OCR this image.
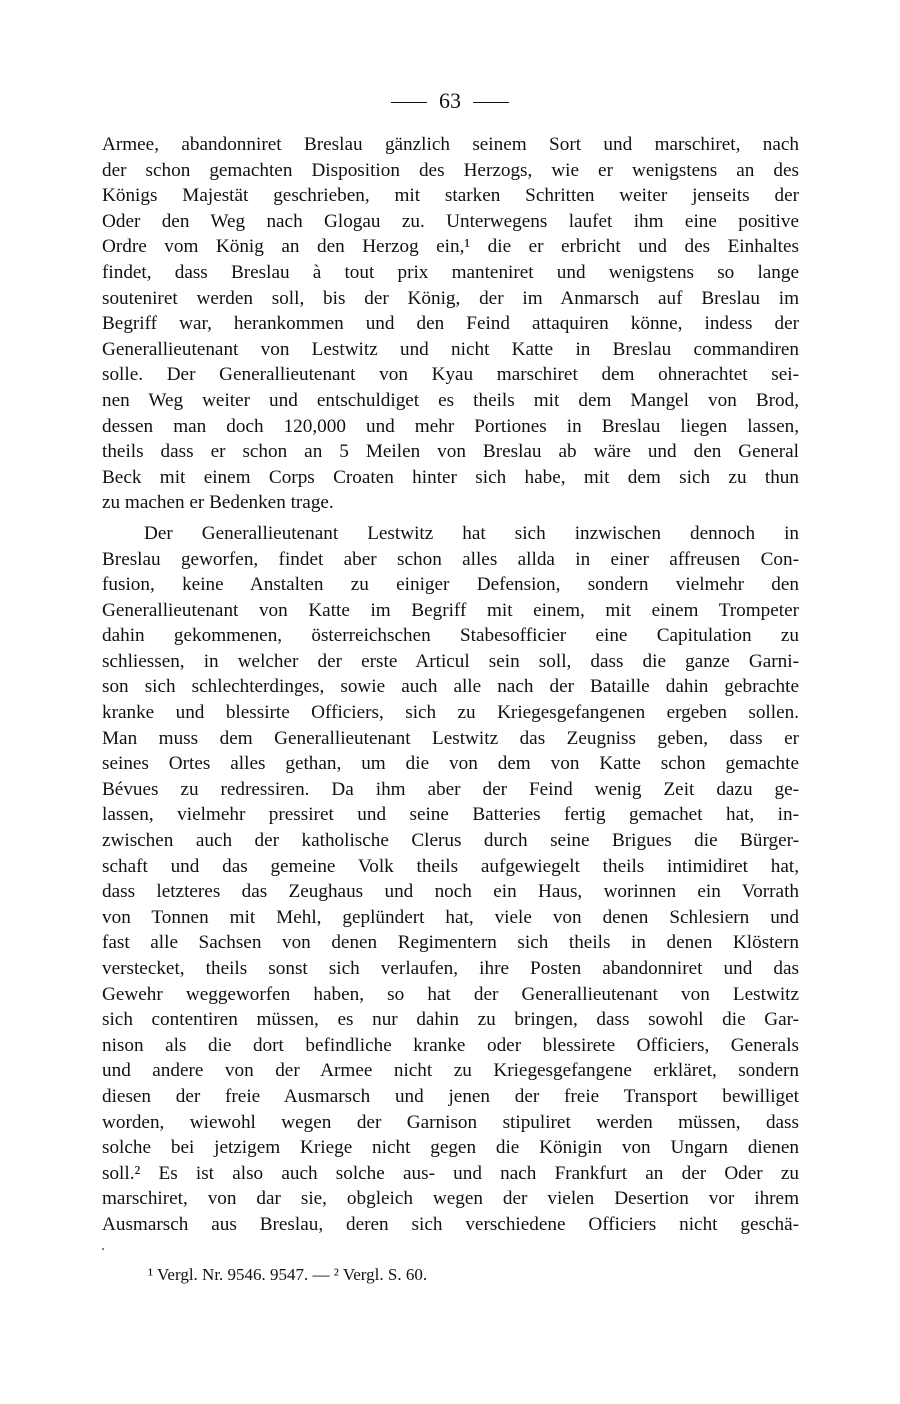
63
Armee, abandonniret Breslau gänzlich seinem Sort und marschiret, nach
der schon gemachten Disposition des Herzogs, wie er wenigstens an des
Königs Majestät geschrieben, mit starken Schritten weiter jenseits der
Oder den Weg nach Glogau zu. Unterwegens laufet ihm eine positive
Ordre vom König an den Herzog ein,¹ die er erbricht und des Einhaltes
findet, dass Breslau à tout prix manteniret und wenigstens so lange
souteniret werden soll, bis der König, der im Anmarsch auf Breslau im
Begriff war, herankommen und den Feind attaquiren könne, indess der
Generallieutenant von Lestwitz und nicht Katte in Breslau commandiren
solle. Der Generallieutenant von Kyau marschiret dem ohnerachtet sei-
nen Weg weiter und entschuldiget es theils mit dem Mangel von Brod,
dessen man doch 120,000 und mehr Portiones in Breslau liegen lassen,
theils dass er schon an 5 Meilen von Breslau ab wäre und den General
Beck mit einem Corps Croaten hinter sich habe, mit dem sich zu thun
zu machen er Bedenken trage.
Der Generallieutenant Lestwitz hat sich inzwischen dennoch in
Breslau geworfen, findet aber schon alles allda in einer affreusen Con-
fusion, keine Anstalten zu einiger Defension, sondern vielmehr den
Generallieutenant von Katte im Begriff mit einem, mit einem Trompeter
dahin gekommenen, österreichschen Stabesofficier eine Capitulation zu
schliessen, in welcher der erste Articul sein soll, dass die ganze Garni-
son sich schlechterdinges, sowie auch alle nach der Bataille dahin gebrachte
kranke und blessirte Officiers, sich zu Kriegesgefangenen ergeben sollen.
Man muss dem Generallieutenant Lestwitz das Zeugniss geben, dass er
seines Ortes alles gethan, um die von dem von Katte schon gemachte
Bévues zu redressiren. Da ihm aber der Feind wenig Zeit dazu ge-
lassen, vielmehr pressiret und seine Batteries fertig gemachet hat, in-
zwischen auch der katholische Clerus durch seine Brigues die Bürger-
schaft und das gemeine Volk theils aufgewiegelt theils intimidiret hat,
dass letzteres das Zeughaus und noch ein Haus, worinnen ein Vorrath
von Tonnen mit Mehl, geplündert hat, viele von denen Schlesiern und
fast alle Sachsen von denen Regimentern sich theils in denen Klöstern
verstecket, theils sonst sich verlaufen, ihre Posten abandonniret und das
Gewehr weggeworfen haben, so hat der Generallieutenant von Lestwitz
sich contentiren müssen, es nur dahin zu bringen, dass sowohl die Gar-
nison als die dort befindliche kranke oder blessirete Officiers, Generals
und andere von der Armee nicht zu Kriegesgefangene erkläret, sondern
diesen der freie Ausmarsch und jenen der freie Transport bewilliget
worden, wiewohl wegen der Garnison stipuliret werden müssen, dass
solche bei jetzigem Kriege nicht gegen die Königin von Ungarn dienen
soll.² Es ist also auch solche aus- und nach Frankfurt an der Oder zu
marschiret, von dar sie, obgleich wegen der vielen Desertion vor ihrem
Ausmarsch aus Breslau, deren sich verschiedene Officiers nicht geschä-
¹ Vergl. Nr. 9546. 9547. — ² Vergl. S. 60.
